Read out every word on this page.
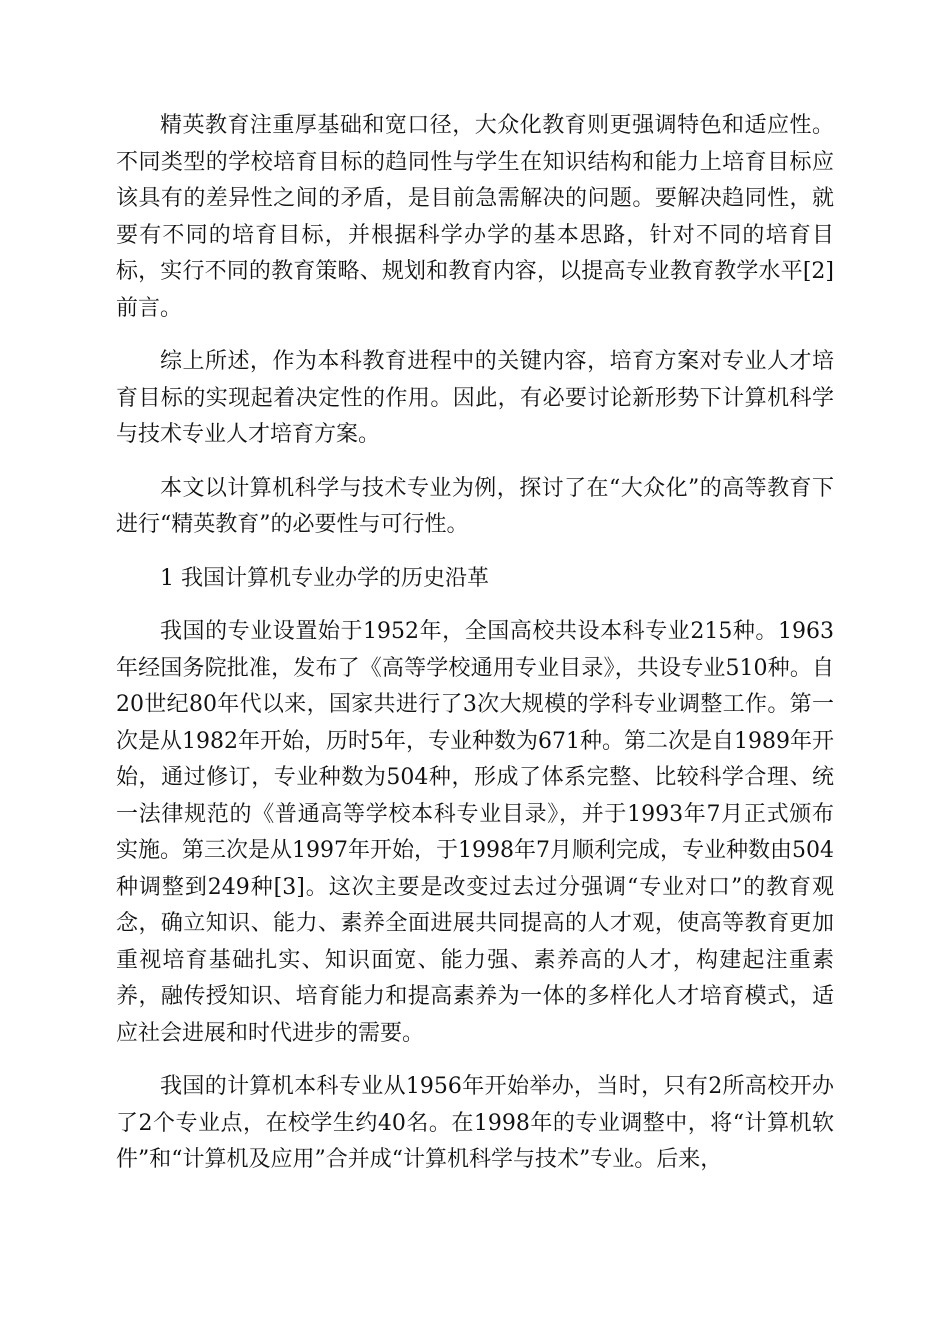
精英教育注重厚基础和宽口径，大众化教育则更强调特色和适应性。不同类型的学校培育目标的趋同性与学生在知识结构和能力上培育目标应该具有的差异性之间的矛盾，是目前急需解决的问题。要解决趋同性，就要有不同的培育目标，并根据科学办学的基本思路，针对不同的培育目标，实行不同的教育策略、规划和教育内容，以提高专业教育教学水平[2]前言。

综上所述，作为本科教育进程中的关键内容，培育方案对专业人才培育目标的实现起着决定性的作用。因此，有必要讨论新形势下计算机科学与技术专业人才培育方案。

本文以计算机科学与技术专业为例，探讨了在“大众化”的高等教育下进行“精英教育”的必要性与可行性。

1 我国计算机专业办学的历史沿革

我国的专业设置始于1952年，全国高校共设本科专业215种。1963年经国务院批准，发布了《高等学校通用专业目录》，共设专业510种。自20世纪80年代以来，国家共进行了3次大规模的学科专业调整工作。第一次是从1982年开始，历时5年，专业种数为671种。第二次是自1989年开始，通过修订，专业种数为504种，形成了体系完整、比较科学合理、统一法律规范的《普通高等学校本科专业目录》，并于1993年7月正式颁布实施。第三次是从1997年开始，于1998年7月顺利完成，专业种数由504种调整到249种[3]。这次主要是改变过去过分强调“专业对口”的教育观念，确立知识、能力、素养全面进展共同提高的人才观，使高等教育更加重视培育基础扎实、知识面宽、能力强、素养高的人才，构建起注重素养，融传授知识、培育能力和提高素养为一体的多样化人才培育模式，适应社会进展和时代进步的需要。

我国的计算机本科专业从1956年开始举办，当时，只有2所高校开办了2个专业点，在校学生约40名。在1998年的专业调整中，将“计算机软件”和“计算机及应用”合并成“计算机科学与技术”专业。后来，
